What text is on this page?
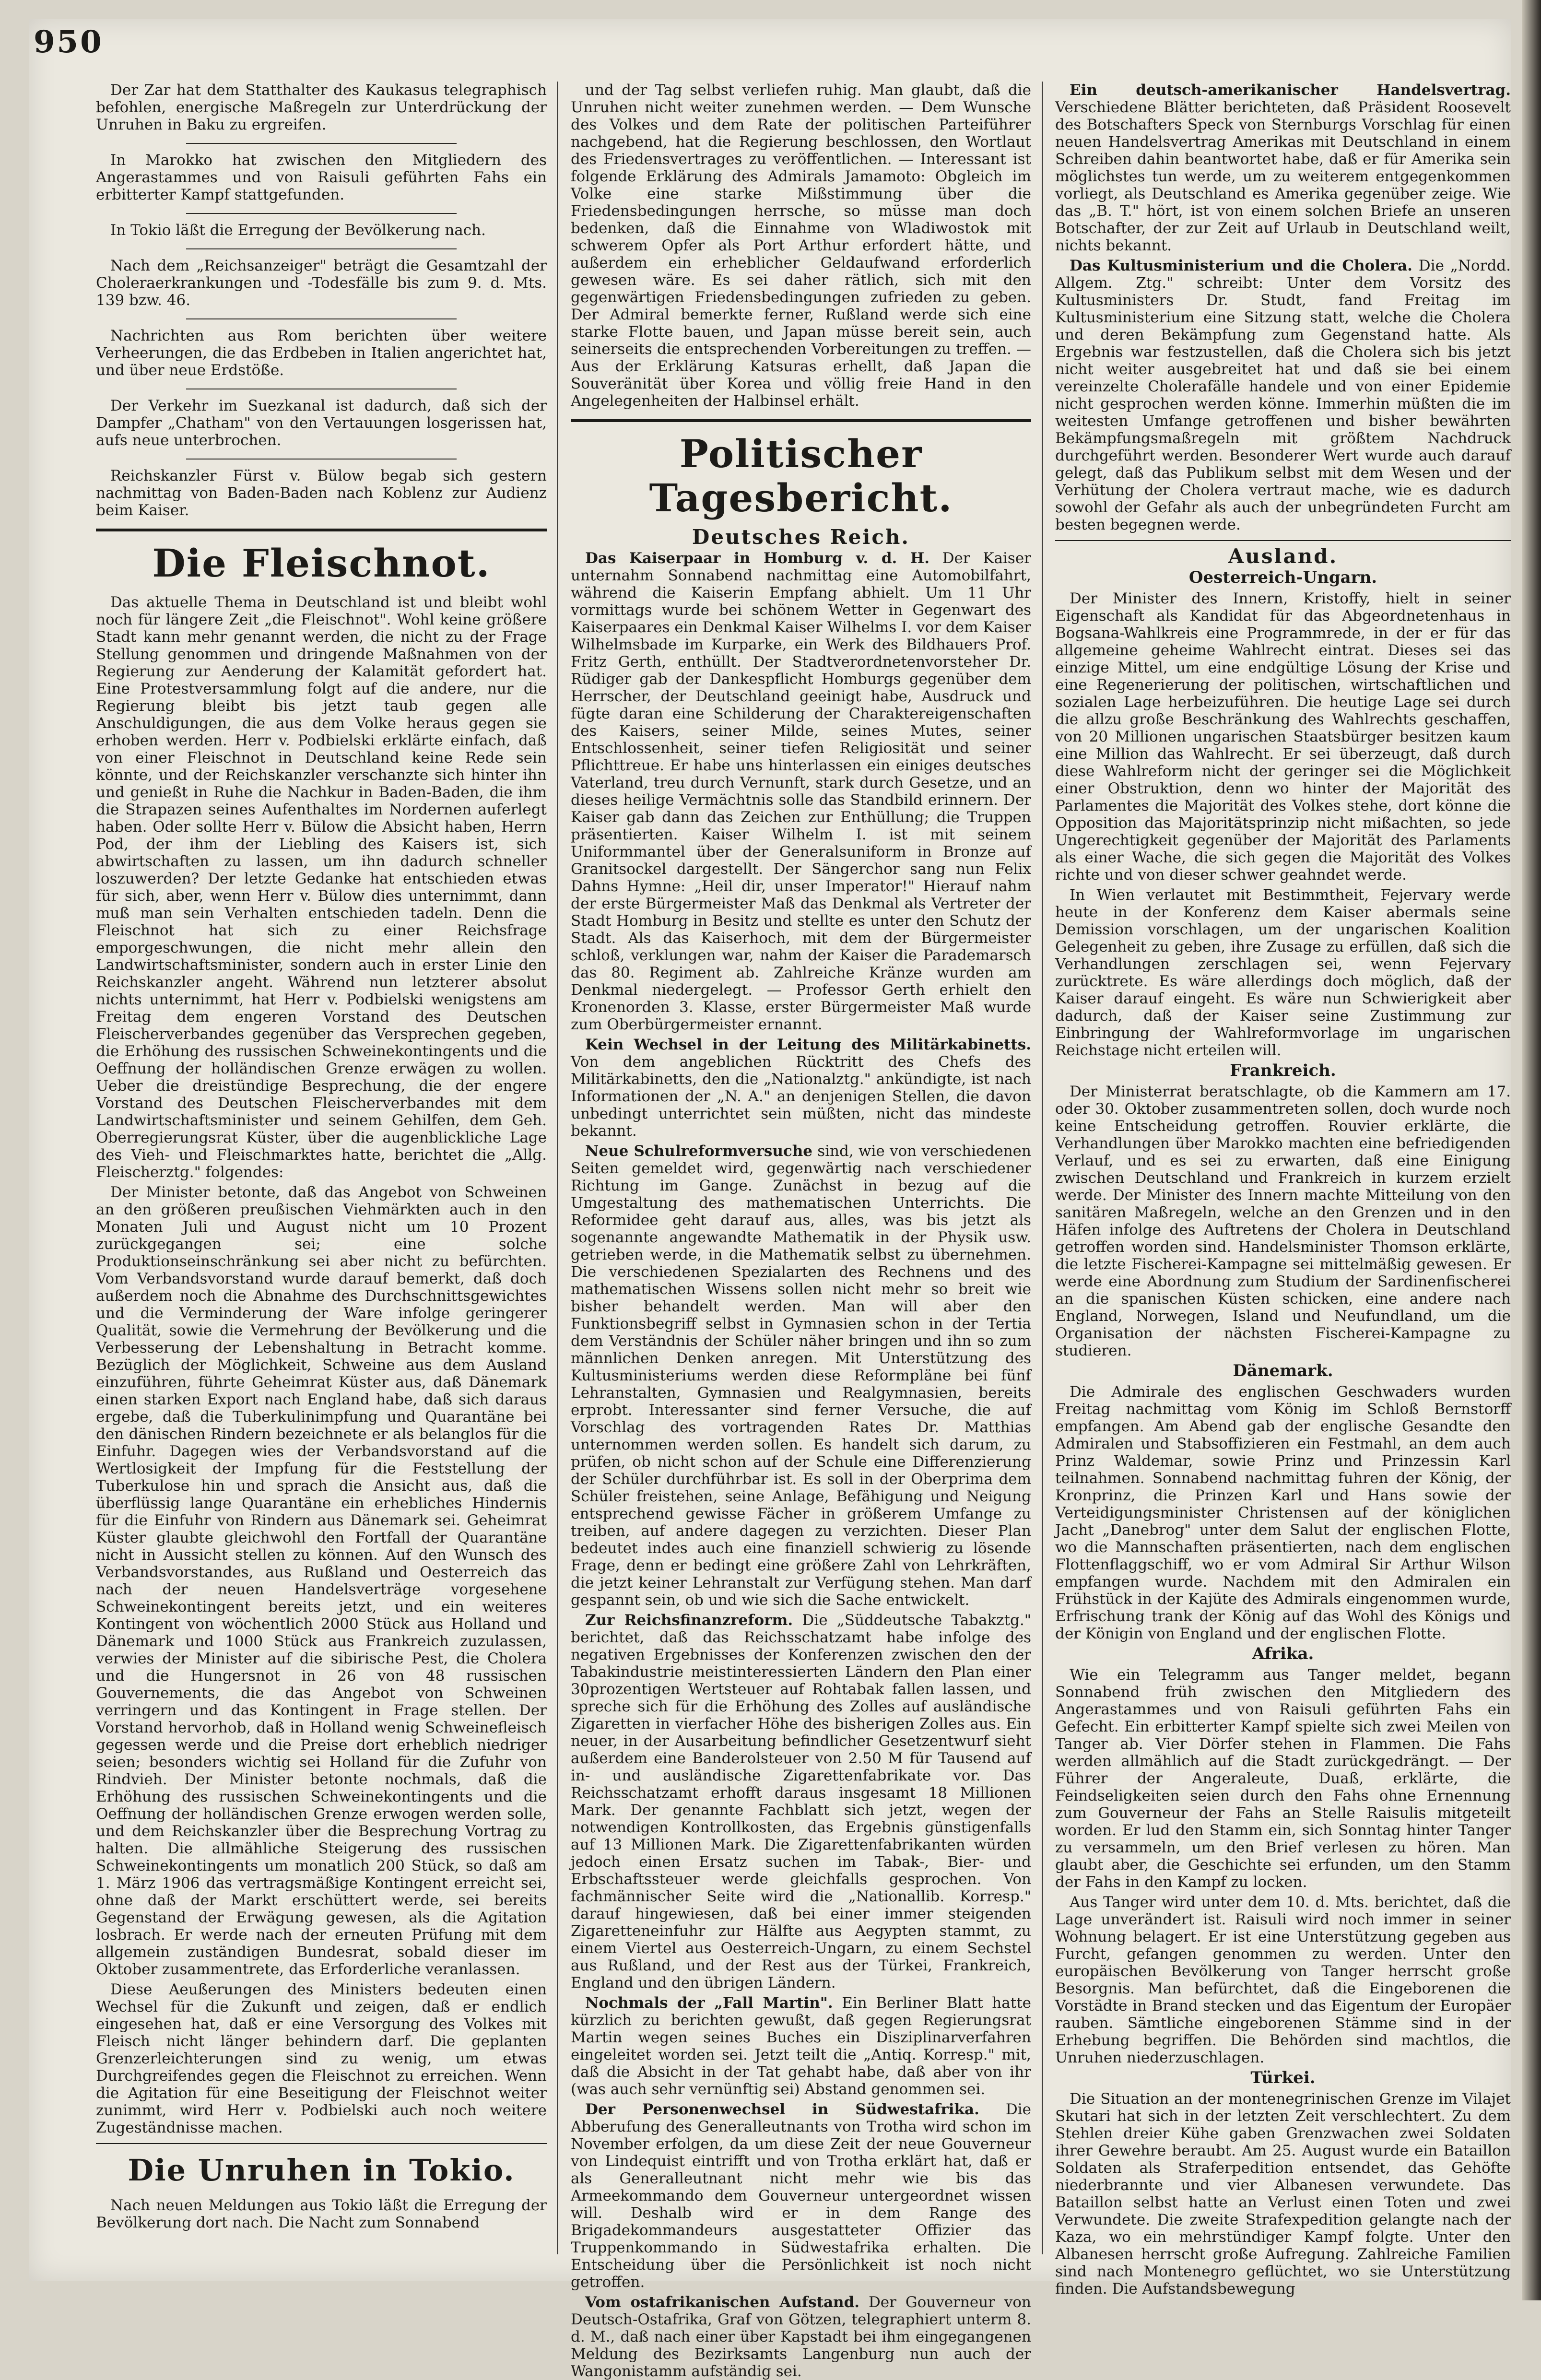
950

Der Zar hat dem Statthalter des Kaukasus telegraphisch befohlen, energische Maßregeln zur Unterdrückung der Unruhen in Baku zu ergreifen.

In Marokko hat zwischen den Mitgliedern des Angerastammes und von Raisuli geführten Fahs ein erbitterter Kampf stattgefunden.

In Tokio läßt die Erregung der Bevölkerung nach.

Nach dem „Reichsanzeiger" beträgt die Gesamtzahl der Choleraerkrankungen und -Todesfälle bis zum 9. d. Mts. 139 bzw. 46.

Nachrichten aus Rom berichten über weitere Verheerungen, die das Erdbeben in Italien angerichtet hat, und über neue Erdstöße.

Der Verkehr im Suezkanal ist dadurch, daß sich der Dampfer „Chatham" von den Vertauungen losgerissen hat, aufs neue unterbrochen.

Reichskanzler Fürst v. Bülow begab sich gestern nachmittag von Baden-Baden nach Koblenz zur Audienz beim Kaiser.

Die Fleischnot.

Das aktuelle Thema in Deutschland ist und bleibt wohl noch für längere Zeit „die Fleischnot". Wohl keine größere Stadt kann mehr genannt werden, die nicht zu der Frage Stellung genommen und dringende Maßnahmen von der Regierung zur Aenderung der Kalamität gefordert hat. Eine Protestversammlung folgt auf die andere, nur die Regierung bleibt bis jetzt taub gegen alle Anschuldigungen, die aus dem Volke heraus gegen sie erhoben werden. Herr v. Podbielski erklärte einfach, daß von einer Fleischnot in Deutschland keine Rede sein könnte, und der Reichskanzler verschanzte sich hinter ihn und genießt in Ruhe die Nachkur in Baden-Baden, die ihm die Strapazen seines Aufenthaltes im Nordernen auferlegt haben. Oder sollte Herr v. Bülow die Absicht haben, Herrn Pod, der ihm der Liebling des Kaisers ist, sich abwirtschaften zu lassen, um ihn dadurch schneller loszuwerden? Der letzte Gedanke hat entschieden etwas für sich, aber, wenn Herr v. Bülow dies unternimmt, dann muß man sein Verhalten entschieden tadeln. Denn die Fleischnot hat sich zu einer Reichsfrage emporgeschwungen, die nicht mehr allein den Landwirtschaftsminister, sondern auch in erster Linie den Reichskanzler angeht. Während nun letzterer absolut nichts unternimmt, hat Herr v. Podbielski wenigstens am Freitag dem engeren Vorstand des Deutschen Fleischerverbandes gegenüber das Versprechen gegeben, die Erhöhung des russischen Schweinekontingents und die Oeffnung der holländischen Grenze erwägen zu wollen. Ueber die dreistündige Besprechung, die der engere Vorstand des Deutschen Fleischerverbandes mit dem Landwirtschaftsminister und seinem Gehilfen, dem Geh. Oberregierungsrat Küster, über die augenblickliche Lage des Vieh- und Fleischmarktes hatte, berichtet die „Allg. Fleischerztg." folgendes:

Der Minister betonte, daß das Angebot von Schweinen an den größeren preußischen Viehmärkten auch in den Monaten Juli und August nicht um 10 Prozent zurückgegangen sei; eine solche Produktionseinschränkung sei aber nicht zu befürchten. Vom Verbandsvorstand wurde darauf bemerkt, daß doch außerdem noch die Abnahme des Durchschnittsgewichtes und die Verminderung der Ware infolge geringerer Qualität, sowie die Vermehrung der Bevölkerung und die Verbesserung der Lebenshaltung in Betracht komme. Bezüglich der Möglichkeit, Schweine aus dem Ausland einzuführen, führte Geheimrat Küster aus, daß Dänemark einen starken Export nach England habe, daß sich daraus ergebe, daß die Tuberkulinimpfung und Quarantäne bei den dänischen Rindern bezeichnete er als belanglos für die Einfuhr. Dagegen wies der Verbandsvorstand auf die Wertlosigkeit der Impfung für die Feststellung der Tuberkulose hin und sprach die Ansicht aus, daß die überflüssig lange Quarantäne ein erhebliches Hindernis für die Einfuhr von Rindern aus Dänemark sei. Geheimrat Küster glaubte gleichwohl den Fortfall der Quarantäne nicht in Aussicht stellen zu können. Auf den Wunsch des Verbandsvorstandes, aus Rußland und Oesterreich das nach der neuen Handelsverträge vorgesehene Schweinekontingent bereits jetzt, und ein weiteres Kontingent von wöchentlich 2000 Stück aus Holland und Dänemark und 1000 Stück aus Frankreich zuzulassen, verwies der Minister auf die sibirische Pest, die Cholera und die Hungersnot in 26 von 48 russischen Gouvernements, die das Angebot von Schweinen verringern und das Kontingent in Frage stellen. Der Vorstand hervorhob, daß in Holland wenig Schweinefleisch gegessen werde und die Preise dort erheblich niedriger seien; besonders wichtig sei Holland für die Zufuhr von Rindvieh. Der Minister betonte nochmals, daß die Erhöhung des russischen Schweinekontingents und die Oeffnung der holländischen Grenze erwogen werden solle, und dem Reichskanzler über die Besprechung Vortrag zu halten. Die allmähliche Steigerung des russischen Schweinekontingents um monatlich 200 Stück, so daß am 1. März 1906 das vertragsmäßige Kontingent erreicht sei, ohne daß der Markt erschüttert werde, sei bereits Gegenstand der Erwägung gewesen, als die Agitation losbrach. Er werde nach der erneuten Prüfung mit dem allgemein zuständigen Bundesrat, sobald dieser im Oktober zusammentrete, das Erforderliche veranlassen.

Diese Aeußerungen des Ministers bedeuten einen Wechsel für die Zukunft und zeigen, daß er endlich eingesehen hat, daß er eine Versorgung des Volkes mit Fleisch nicht länger behindern darf. Die geplanten Grenzerleichterungen sind zu wenig, um etwas Durchgreifendes gegen die Fleischnot zu erreichen. Wenn die Agitation für eine Beseitigung der Fleischnot weiter zunimmt, wird Herr v. Podbielski auch noch weitere Zugeständnisse machen.

Die Unruhen in Tokio.

Nach neuen Meldungen aus Tokio läßt die Erregung der Bevölkerung dort nach. Die Nacht zum Sonnabend

und der Tag selbst verliefen ruhig. Man glaubt, daß die Unruhen nicht weiter zunehmen werden. — Dem Wunsche des Volkes und dem Rate der politischen Parteiführer nachgebend, hat die Regierung beschlossen, den Wortlaut des Friedensvertrages zu veröffentlichen. — Interessant ist folgende Erklärung des Admirals Jamamoto: Obgleich im Volke eine starke Mißstimmung über die Friedensbedingungen herrsche, so müsse man doch bedenken, daß die Einnahme von Wladiwostok mit schwerem Opfer als Port Arthur erfordert hätte, und außerdem ein erheblicher Geldaufwand erforderlich gewesen wäre. Es sei daher rätlich, sich mit den gegenwärtigen Friedensbedingungen zufrieden zu geben. Der Admiral bemerkte ferner, Rußland werde sich eine starke Flotte bauen, und Japan müsse bereit sein, auch seinerseits die entsprechenden Vorbereitungen zu treffen. — Aus der Erklärung Katsuras erhellt, daß Japan die Souveränität über Korea und völlig freie Hand in den Angelegenheiten der Halbinsel erhält.

Politischer Tagesbericht.
Deutsches Reich.

Das Kaiserpaar in Homburg v. d. H. Der Kaiser unternahm Sonnabend nachmittag eine Automobilfahrt, während die Kaiserin Empfang abhielt. Um 11 Uhr vormittags wurde bei schönem Wetter in Gegenwart des Kaiserpaares ein Denkmal Kaiser Wilhelms I. vor dem Kaiser Wilhelmsbade im Kurparke, ein Werk des Bildhauers Prof. Fritz Gerth, enthüllt. Der Stadtverordnetenvorsteher Dr. Rüdiger gab der Dankespflicht Homburgs gegenüber dem Herrscher, der Deutschland geeinigt habe, Ausdruck und fügte daran eine Schilderung der Charaktereigenschaften des Kaisers, seiner Milde, seines Mutes, seiner Entschlossenheit, seiner tiefen Religiosität und seiner Pflichttreue. Er habe uns hinterlassen ein einiges deutsches Vaterland, treu durch Vernunft, stark durch Gesetze, und an dieses heilige Vermächtnis solle das Standbild erinnern. Der Kaiser gab dann das Zeichen zur Enthüllung; die Truppen präsentierten. Kaiser Wilhelm I. ist mit seinem Uniformmantel über der Generalsuniform in Bronze auf Granitsockel dargestellt. Der Sängerchor sang nun Felix Dahns Hymne: „Heil dir, unser Imperator!" Hierauf nahm der erste Bürgermeister Maß das Denkmal als Vertreter der Stadt Homburg in Besitz und stellte es unter den Schutz der Stadt. Als das Kaiserhoch, mit dem der Bürgermeister schloß, verklungen war, nahm der Kaiser die Parademarsch das 80. Regiment ab. Zahlreiche Kränze wurden am Denkmal niedergelegt. — Professor Gerth erhielt den Kronenorden 3. Klasse, erster Bürgermeister Maß wurde zum Oberbürgermeister ernannt.

Kein Wechsel in der Leitung des Militärkabinetts. Von dem angeblichen Rücktritt des Chefs des Militärkabinetts, den die „Nationalztg." ankündigte, ist nach Informationen der „N. A." an denjenigen Stellen, die davon unbedingt unterrichtet sein müßten, nicht das mindeste bekannt.

Neue Schulreformversuche sind, wie von verschiedenen Seiten gemeldet wird, gegenwärtig nach verschiedener Richtung im Gange. Zunächst in bezug auf die Umgestaltung des mathematischen Unterrichts. Die Reformidee geht darauf aus, alles, was bis jetzt als sogenannte angewandte Mathematik in der Physik usw. getrieben werde, in die Mathematik selbst zu übernehmen. Die verschiedenen Spezialarten des Rechnens und des mathematischen Wissens sollen nicht mehr so breit wie bisher behandelt werden. Man will aber den Funktionsbegriff selbst in Gymnasien schon in der Tertia dem Verständnis der Schüler näher bringen und ihn so zum männlichen Denken anregen. Mit Unterstützung des Kultusministeriums werden diese Reformpläne bei fünf Lehranstalten, Gymnasien und Realgymnasien, bereits erprobt. Interessanter sind ferner Versuche, die auf Vorschlag des vortragenden Rates Dr. Matthias unternommen werden sollen. Es handelt sich darum, zu prüfen, ob nicht schon auf der Schule eine Differenzierung der Schüler durchführbar ist. Es soll in der Oberprima dem Schüler freistehen, seine Anlage, Befähigung und Neigung entsprechend gewisse Fächer in größerem Umfange zu treiben, auf andere dagegen zu verzichten. Dieser Plan bedeutet indes auch eine finanziell schwierig zu lösende Frage, denn er bedingt eine größere Zahl von Lehrkräften, die jetzt keiner Lehranstalt zur Verfügung stehen. Man darf gespannt sein, ob und wie sich die Sache entwickelt.

Zur Reichsfinanzreform. Die „Süddeutsche Tabakztg." berichtet, daß das Reichsschatzamt habe infolge des negativen Ergebnisses der Konferenzen zwischen den der Tabakindustrie meistinteressierten Ländern den Plan einer 30prozentigen Wertsteuer auf Rohtabak fallen lassen, und spreche sich für die Erhöhung des Zolles auf ausländische Zigaretten in vierfacher Höhe des bisherigen Zolles aus. Ein neuer, in der Ausarbeitung befindlicher Gesetzentwurf sieht außerdem eine Banderolsteuer von 2.50 M für Tausend auf in- und ausländische Zigarettenfabrikate vor. Das Reichsschatzamt erhofft daraus insgesamt 18 Millionen Mark. Der genannte Fachblatt sich jetzt, wegen der notwendigen Kontrollkosten, das Ergebnis günstigenfalls auf 13 Millionen Mark. Die Zigarettenfabrikanten würden jedoch einen Ersatz suchen im Tabak-, Bier- und Erbschaftssteuer werde gleichfalls gesprochen. Von fachmännischer Seite wird die „Nationallib. Korresp." darauf hingewiesen, daß bei einer immer steigenden Zigaretteneinfuhr zur Hälfte aus Aegypten stammt, zu einem Viertel aus Oesterreich-Ungarn, zu einem Sechstel aus Rußland, und der Rest aus der Türkei, Frankreich, England und den übrigen Ländern.

Nochmals der „Fall Martin". Ein Berliner Blatt hatte kürzlich zu berichten gewußt, daß gegen Regierungsrat Martin wegen seines Buches ein Disziplinarverfahren eingeleitet worden sei. Jetzt teilt die „Antiq. Korresp." mit, daß die Absicht in der Tat gehabt habe, daß aber von ihr (was auch sehr vernünftig sei) Abstand genommen sei.

Der Personenwechsel in Südwestafrika. Die Abberufung des Generalleutnants von Trotha wird schon im November erfolgen, da um diese Zeit der neue Gouverneur von Lindequist eintrifft und von Trotha erklärt hat, daß er als Generalleutnant nicht mehr wie bis das Armeekommando dem Gouverneur untergeordnet wissen will. Deshalb wird er in dem Range des Brigadekommandeurs ausgestatteter Offizier das Truppenkommando in Südwestafrika erhalten. Die Entscheidung über die Persönlichkeit ist noch nicht getroffen.

Vom ostafrikanischen Aufstand. Der Gouverneur von Deutsch-Ostafrika, Graf von Götzen, telegraphiert unterm 8. d. M., daß nach einer über Kapstadt bei ihm eingegangenen Meldung des Bezirksamts Langenburg nun auch der Wangonistamm aufständig sei.

Ein deutsch-amerikanischer Handelsvertrag. Verschiedene Blätter berichteten, daß Präsident Roosevelt des Botschafters Speck von Sternburgs Vorschlag für einen neuen Handelsvertrag Amerikas mit Deutschland in einem Schreiben dahin beantwortet habe, daß er für Amerika sein möglichstes tun werde, um zu weiterem entgegenkommen vorliegt, als Deutschland es Amerika gegenüber zeige. Wie das „B. T." hört, ist von einem solchen Briefe an unseren Botschafter, der zur Zeit auf Urlaub in Deutschland weilt, nichts bekannt.

Das Kultusministerium und die Cholera. Die „Nordd. Allgem. Ztg." schreibt: Unter dem Vorsitz des Kultusministers Dr. Studt, fand Freitag im Kultusministerium eine Sitzung statt, welche die Cholera und deren Bekämpfung zum Gegenstand hatte. Als Ergebnis war festzustellen, daß die Cholera sich bis jetzt nicht weiter ausgebreitet hat und daß sie bei einem vereinzelte Cholerafälle handele und von einer Epidemie nicht gesprochen werden könne. Immerhin müßten die im weitesten Umfange getroffenen und bisher bewährten Bekämpfungsmaßregeln mit größtem Nachdruck durchgeführt werden. Besonderer Wert wurde auch darauf gelegt, daß das Publikum selbst mit dem Wesen und der Verhütung der Cholera vertraut mache, wie es dadurch sowohl der Gefahr als auch der unbegründeten Furcht am besten begegnen werde.

Ausland.
Oesterreich-Ungarn.

Der Minister des Innern, Kristoffy, hielt in seiner Eigenschaft als Kandidat für das Abgeordnetenhaus in Bogsana-Wahlkreis eine Programmrede, in der er für das allgemeine geheime Wahlrecht eintrat. Dieses sei das einzige Mittel, um eine endgültige Lösung der Krise und eine Regenerierung der politischen, wirtschaftlichen und sozialen Lage herbeizuführen. Die heutige Lage sei durch die allzu große Beschränkung des Wahlrechts geschaffen, von 20 Millionen ungarischen Staatsbürger besitzen kaum eine Million das Wahlrecht. Er sei überzeugt, daß durch diese Wahlreform nicht der geringer sei die Möglichkeit einer Obstruktion, denn wo hinter der Majorität des Parlamentes die Majorität des Volkes stehe, dort könne die Opposition das Majoritätsprinzip nicht mißachten, so jede Ungerechtigkeit gegenüber der Majorität des Parlaments als einer Wache, die sich gegen die Majorität des Volkes richte und von dieser schwer geahndet werde.

In Wien verlautet mit Bestimmtheit, Fejervary werde heute in der Konferenz dem Kaiser abermals seine Demission vorschlagen, um der ungarischen Koalition Gelegenheit zu geben, ihre Zusage zu erfüllen, daß sich die Verhandlungen zerschlagen sei, wenn Fejervary zurücktrete. Es wäre allerdings doch möglich, daß der Kaiser darauf eingeht. Es wäre nun Schwierigkeit aber dadurch, daß der Kaiser seine Zustimmung zur Einbringung der Wahlreformvorlage im ungarischen Reichstage nicht erteilen will.

Frankreich.

Der Ministerrat beratschlagte, ob die Kammern am 17. oder 30. Oktober zusammentreten sollen, doch wurde noch keine Entscheidung getroffen. Rouvier erklärte, die Verhandlungen über Marokko machten eine befriedigenden Verlauf, und es sei zu erwarten, daß eine Einigung zwischen Deutschland und Frankreich in kurzem erzielt werde. Der Minister des Innern machte Mitteilung von den sanitären Maßregeln, welche an den Grenzen und in den Häfen infolge des Auftretens der Cholera in Deutschland getroffen worden sind. Handelsminister Thomson erklärte, die letzte Fischerei-Kampagne sei mittelmäßig gewesen. Er werde eine Abordnung zum Studium der Sardinenfischerei an die spanischen Küsten schicken, eine andere nach England, Norwegen, Island und Neufundland, um die Organisation der nächsten Fischerei-Kampagne zu studieren.

Dänemark.

Die Admirale des englischen Geschwaders wurden Freitag nachmittag vom König im Schloß Bernstorff empfangen. Am Abend gab der englische Gesandte den Admiralen und Stabsoffizieren ein Festmahl, an dem auch Prinz Waldemar, sowie Prinz und Prinzessin Karl teilnahmen. Sonnabend nachmittag fuhren der König, der Kronprinz, die Prinzen Karl und Hans sowie der Verteidigungsminister Christensen auf der königlichen Jacht „Danebrog" unter dem Salut der englischen Flotte, wo die Mannschaften präsentierten, nach dem englischen Flottenflaggschiff, wo er vom Admiral Sir Arthur Wilson empfangen wurde. Nachdem mit den Admiralen ein Frühstück in der Kajüte des Admirals eingenommen wurde, Erfrischung trank der König auf das Wohl des Königs und der Königin von England und der englischen Flotte.

Afrika.

Wie ein Telegramm aus Tanger meldet, begann Sonnabend früh zwischen den Mitgliedern des Angerastammes und von Raisuli geführten Fahs ein Gefecht. Ein erbitterter Kampf spielte sich zwei Meilen von Tanger ab. Vier Dörfer stehen in Flammen. Die Fahs werden allmählich auf die Stadt zurückgedrängt. — Der Führer der Angeraleute, Duaß, erklärte, die Feindseligkeiten seien durch den Fahs ohne Ernennung zum Gouverneur der Fahs an Stelle Raisulis mitgeteilt worden. Er lud den Stamm ein, sich Sonntag hinter Tanger zu versammeln, um den Brief verlesen zu hören. Man glaubt aber, die Geschichte sei erfunden, um den Stamm der Fahs in den Kampf zu locken.

Aus Tanger wird unter dem 10. d. Mts. berichtet, daß die Lage unverändert ist. Raisuli wird noch immer in seiner Wohnung belagert. Er ist eine Unterstützung gegeben aus Furcht, gefangen genommen zu werden. Unter den europäischen Bevölkerung von Tanger herrscht große Besorgnis. Man befürchtet, daß die Eingeborenen die Vorstädte in Brand stecken und das Eigentum der Europäer rauben. Sämtliche eingeborenen Stämme sind in der Erhebung begriffen. Die Behörden sind machtlos, die Unruhen niederzuschlagen.

Türkei.

Die Situation an der montenegrinischen Grenze im Vilajet Skutari hat sich in der letzten Zeit verschlechtert. Zu dem Stehlen dreier Kühe gaben Grenzwachen zwei Soldaten ihrer Gewehre beraubt. Am 25. August wurde ein Bataillon Soldaten als Straferpedition entsendet, das Gehöfte niederbrannte und vier Albanesen verwundete. Das Bataillon selbst hatte an Verlust einen Toten und zwei Verwundete. Die zweite Strafexpedition gelangte nach der Kaza, wo ein mehrstündiger Kampf folgte. Unter den Albanesen herrscht große Aufregung. Zahlreiche Familien sind nach Montenegro geflüchtet, wo sie Unterstützung finden. Die Aufstandsbewegung
